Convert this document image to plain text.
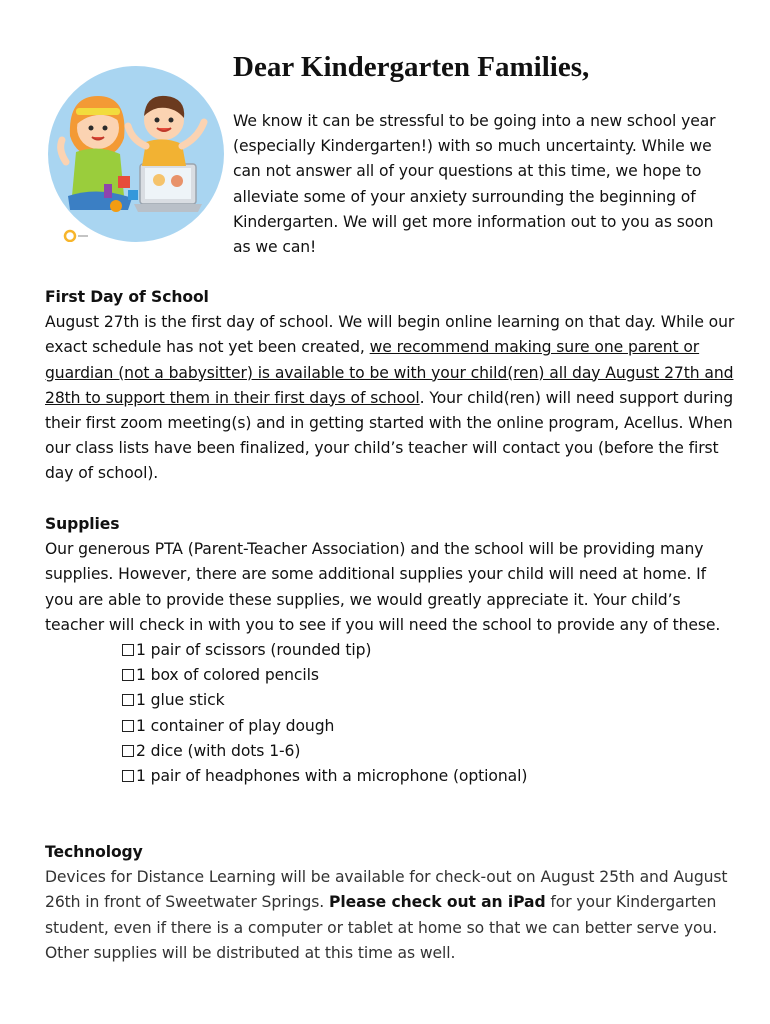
Dear Kindergarten Families,

We know it can be stressful to be going into a new school year (especially Kindergarten!) with so much uncertainty. While we can not answer all of your questions at this time, we hope to alleviate some of your anxiety surrounding the beginning of Kindergarten. We will get more information out to you as soon as we can!

First Day of School

August 27th is the first day of school. We will begin online learning on that day. While our exact schedule has not yet been created, we recommend making sure one parent or guardian (not a babysitter) is available to be with your child(ren) all day August 27th and 28th to support them in their first days of school. Your child(ren) will need support during their first zoom meeting(s) and in getting started with the online program, Acellus. When our class lists have been finalized, your child’s teacher will contact you (before the first day of school).

Supplies

Our generous PTA (Parent-Teacher Association) and the school will be providing many supplies. However, there are some additional supplies your child will need at home. If you are able to provide these supplies, we would greatly appreciate it. Your child’s teacher will check in with you to see if you will need the school to provide any of these.

1 pair of scissors (rounded tip)
1 box of colored pencils
1 glue stick
1 container of play dough
2 dice (with dots 1-6)
1 pair of headphones with a microphone (optional)

Technology

Devices for Distance Learning will be available for check-out on August 25th and August 26th in front of Sweetwater Springs. Please check out an iPad for your Kindergarten student, even if there is a computer or tablet at home so that we can better serve you. Other supplies will be distributed at this time as well.
